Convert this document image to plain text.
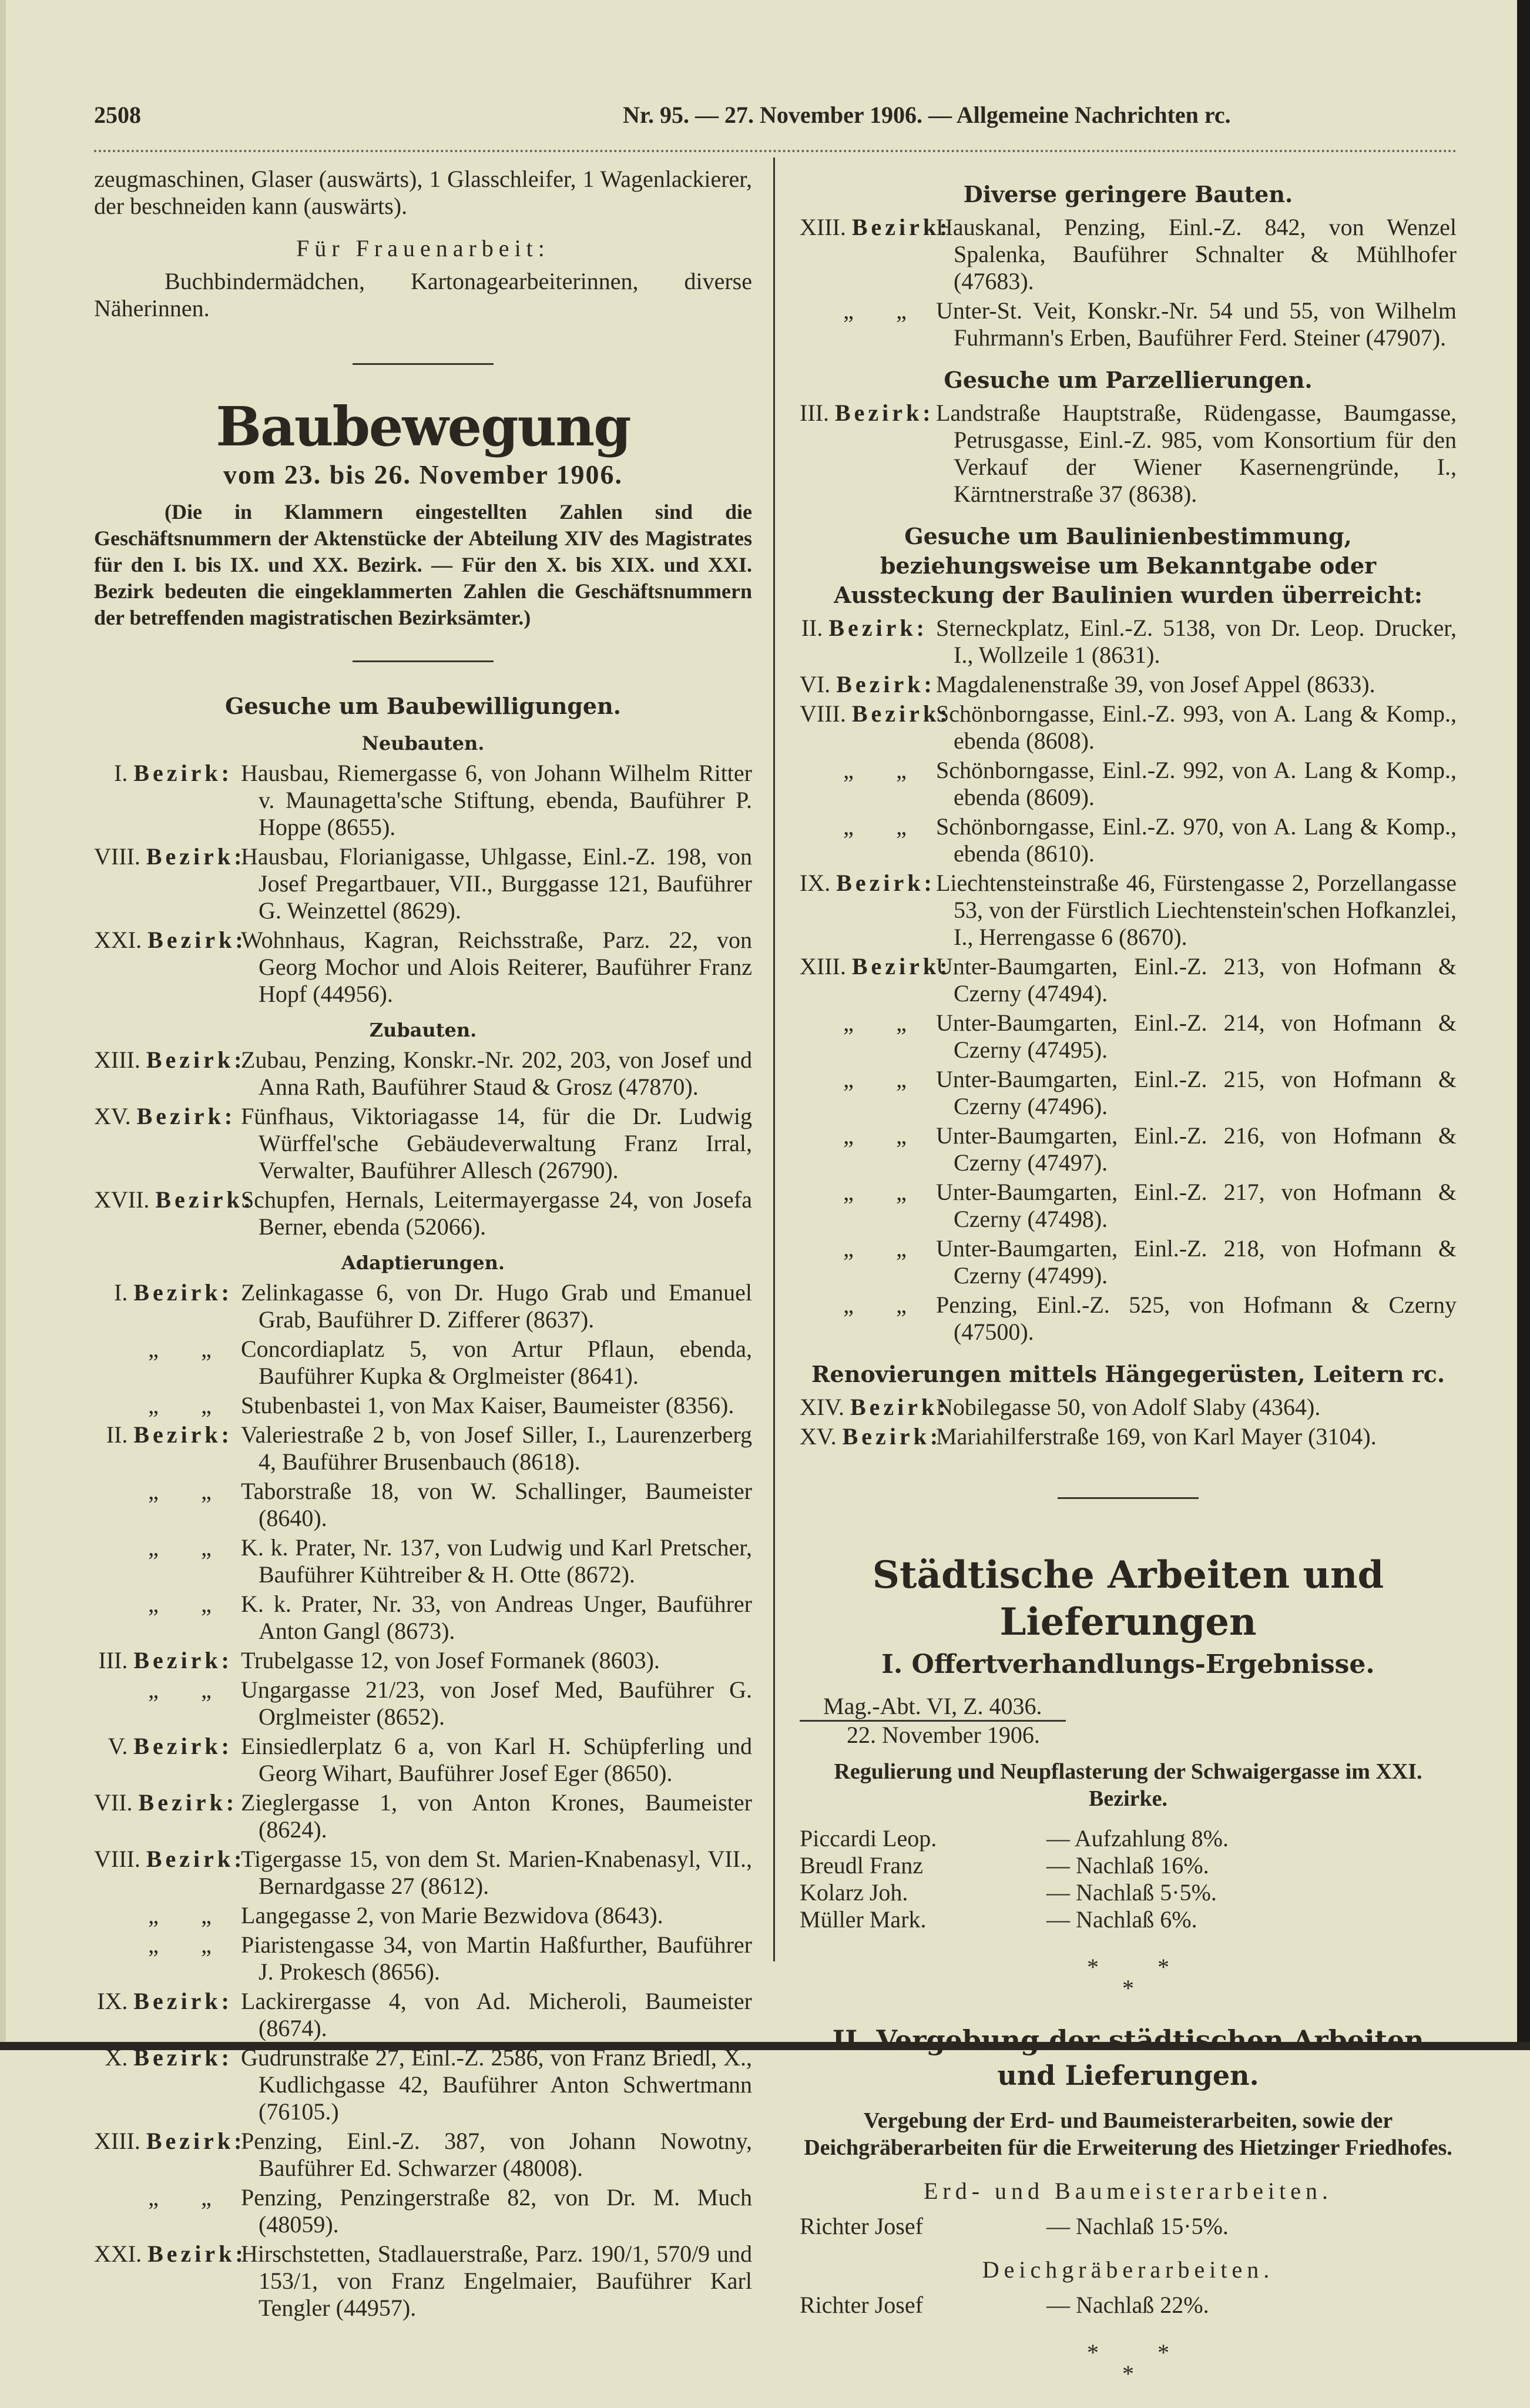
2508	Nr. 95. — 27. November 1906. — Allgemeine Nachrichten rc.

zeugmaschinen, Glaser (auswärts), 1 Glasschleifer, 1 Wagenlackierer, der beschneiden kann (auswärts).

Für Frauenarbeit:

Buchbindermädchen, Kartonagearbeiterinnen, diverse Näherinnen.

Baubewegung
vom 23. bis 26. November 1906.

(Die in Klammern eingestellten Zahlen sind die Geschäftsnummern der Aktenstücke der Abteilung XIV des Magistrates für den I. bis IX. und XX. Bezirk. — Für den X. bis XIX. und XXI. Bezirk bedeuten die eingeklammerten Zahlen die Geschäftsnummern der betreffenden magistratischen Bezirksämter.)

Gesuche um Baubewilligungen.
Neubauten.
I. Bezirk: Hausbau, Riemergasse 6, von Johann Wilhelm Ritter v. Maunagetta'sche Stiftung, ebenda, Bauführer P. Hoppe (8655).
VIII. Bezirk:
Hausbau, Florianigasse, Uhlgasse, Einl.-Z. 198, von Josef Pregartbauer, VII., Burggasse 121, Bauführer G. Weinzettel (8629).
XXI. Bezirk:
Wohnhaus, Kagran, Reichsstraße, Parz. 22, von Georg Mochor und Alois Reiterer, Bauführer Franz Hopf (44956).
Zubauten.
XIII. Bezirk:
Zubau, Penzing, Konskr.-Nr. 202, 203, von Josef und Anna Rath, Bauführer Staud & Grosz (47870).
XV. Bezirk: Fünfhaus, Viktoriagasse 14, für die Dr. Ludwig Würffel'sche Gebäudeverwaltung Franz Irral, Verwalter, Bauführer Allesch (26790).
XVII. Bezirk:
Schupfen, Hernals, Leitermayergasse 24, von Josefa Berner, ebenda (52066).
Adaptierungen.
I. Bezirk: Zelinkagasse 6, von Dr. Hugo Grab und Emanuel Grab, Bauführer D. Zifferer (8637).
„ „	Concordiaplatz 5, von Artur Pflaun, ebenda, Bauführer Kupka & Orglmeister (8641).
„ „	Stubenbastei 1, von Max Kaiser, Baumeister (8356).
II. Bezirk: Valeriestraße 2 b, von Josef Siller, I., Laurenzerberg 4, Bauführer Brusenbauch (8618).
„ „	Taborstraße 18, von W. Schallinger, Baumeister (8640).
„ „	K. k. Prater, Nr. 137, von Ludwig und Karl Pretscher, Bauführer Kühtreiber & H. Otte (8672).
„ „	K. k. Prater, Nr. 33, von Andreas Unger, Bauführer Anton Gangl (8673).
III. Bezirk: Trubelgasse 12, von Josef Formanek (8603).
„ „	Ungargasse 21/23, von Josef Med, Bauführer G. Orglmeister (8652).
V. Bezirk: Einsiedlerplatz 6 a, von Karl H. Schüpferling und Georg Wihart, Bauführer Josef Eger (8650).
VII. Bezirk: Zieglergasse 1, von Anton Krones, Baumeister (8624).
VIII. Bezirk:
Tigergasse 15, von dem St. Marien-Knabenasyl, VII., Bernardgasse 27 (8612).
„ „	Langegasse 2, von Marie Bezwidova (8643).
„ „	Piaristengasse 34, von Martin Haßfurther, Bauführer J. Prokesch (8656).
IX. Bezirk: Lackirergasse 4, von Ad. Micheroli, Baumeister (8674).
X. Bezirk: Gudrunstraße 27, Einl.-Z. 2586, von Franz Briedl, X., Kudlichgasse 42, Bauführer Anton Schwertmann (76105.)
XIII. Bezirk:
Penzing, Einl.-Z. 387, von Johann Nowotny, Bauführer Ed. Schwarzer (48008).
„ „	Penzing, Penzingerstraße 82, von Dr. M. Much (48059).
XXI. Bezirk:
Hirschstetten, Stadlauerstraße, Parz. 190/1, 570/9 und 153/1, von Franz Engelmaier, Bauführer Karl Tengler (44957).
Diverse geringere Bauten.
XIII. Bezirk:
Hauskanal, Penzing, Einl.-Z. 842, von Wenzel Spalenka, Bauführer Schnalter & Mühlhofer (47683).
„ „	Unter-St. Veit, Konskr.-Nr. 54 und 55, von Wilhelm Fuhrmann's Erben, Bauführer Ferd. Steiner (47907).
Gesuche um Parzellierungen.
III. Bezirk: Landstraße Hauptstraße, Rüdengasse, Baumgasse, Petrusgasse, Einl.-Z. 985, vom Konsortium für den Verkauf der Wiener Kasernengründe, I., Kärntnerstraße 37 (8638).
Gesuche um Baulinienbestimmung, beziehungsweise um Bekanntgabe oder Aussteckung der Baulinien wurden überreicht:
II. Bezirk: Sterneckplatz, Einl.-Z. 5138, von Dr. Leop. Drucker, I., Wollzeile 1 (8631).
VI. Bezirk: Magdalenenstraße 39, von Josef Appel (8633).
VIII. Bezirk:
Schönborngasse, Einl.-Z. 993, von A. Lang & Komp., ebenda (8608).
„ „	Schönborngasse, Einl.-Z. 992, von A. Lang & Komp., ebenda (8609).
„ „	Schönborngasse, Einl.-Z. 970, von A. Lang & Komp., ebenda (8610).
IX. Bezirk: Liechtensteinstraße 46, Fürstengasse 2, Porzellangasse 53, von der Fürstlich Liechtenstein'schen Hofkanzlei, I., Herrengasse 6 (8670).
XIII. Bezirk:
Unter-Baumgarten, Einl.-Z. 213, von Hofmann & Czerny (47494).
„ „	Unter-Baumgarten, Einl.-Z. 214, von Hofmann & Czerny (47495).
„ „	Unter-Baumgarten, Einl.-Z. 215, von Hofmann & Czerny (47496).
„ „	Unter-Baumgarten, Einl.-Z. 216, von Hofmann & Czerny (47497).
„ „	Unter-Baumgarten, Einl.-Z. 217, von Hofmann & Czerny (47498).
„ „	Unter-Baumgarten, Einl.-Z. 218, von Hofmann & Czerny (47499).
„ „	Penzing, Einl.-Z. 525, von Hofmann & Czerny (47500).
Renovierungen mittels Hängegerüsten, Leitern rc.
XIV. Bezirk:
Nobilegasse 50, von Adolf Slaby (4364).
XV. Bezirk:
Mariahilferstraße 169, von Karl Mayer (3104).
Städtische Arbeiten und Lieferungen
I. Offertverhandlungs-Ergebnisse.
Mag.-Abt. VI, Z. 4036.
22. November 1906.

Regulierung und Neupflasterung der Schwaigergasse im XXI. Bezirke.

Piccardi Leop.	— Aufzahlung 8%.
Breudl Franz	— Nachlaß 16%.
Kolarz Joh.	— Nachlaß 5·5%.
Müller Mark.	— Nachlaß 6%.
*	*
*
II. Vergebung der städtischen Arbeiten und Lieferungen.

Vergebung der Erd- und Baumeisterarbeiten, sowie der Deichgräberarbeiten für die Erweiterung des Hietzinger Friedhofes.

Erd- und Baumeisterarbeiten.
Richter Josef	— Nachlaß 15·5%.
Deichgräberarbeiten.
Richter Josef	— Nachlaß 22%.
*	*
*
